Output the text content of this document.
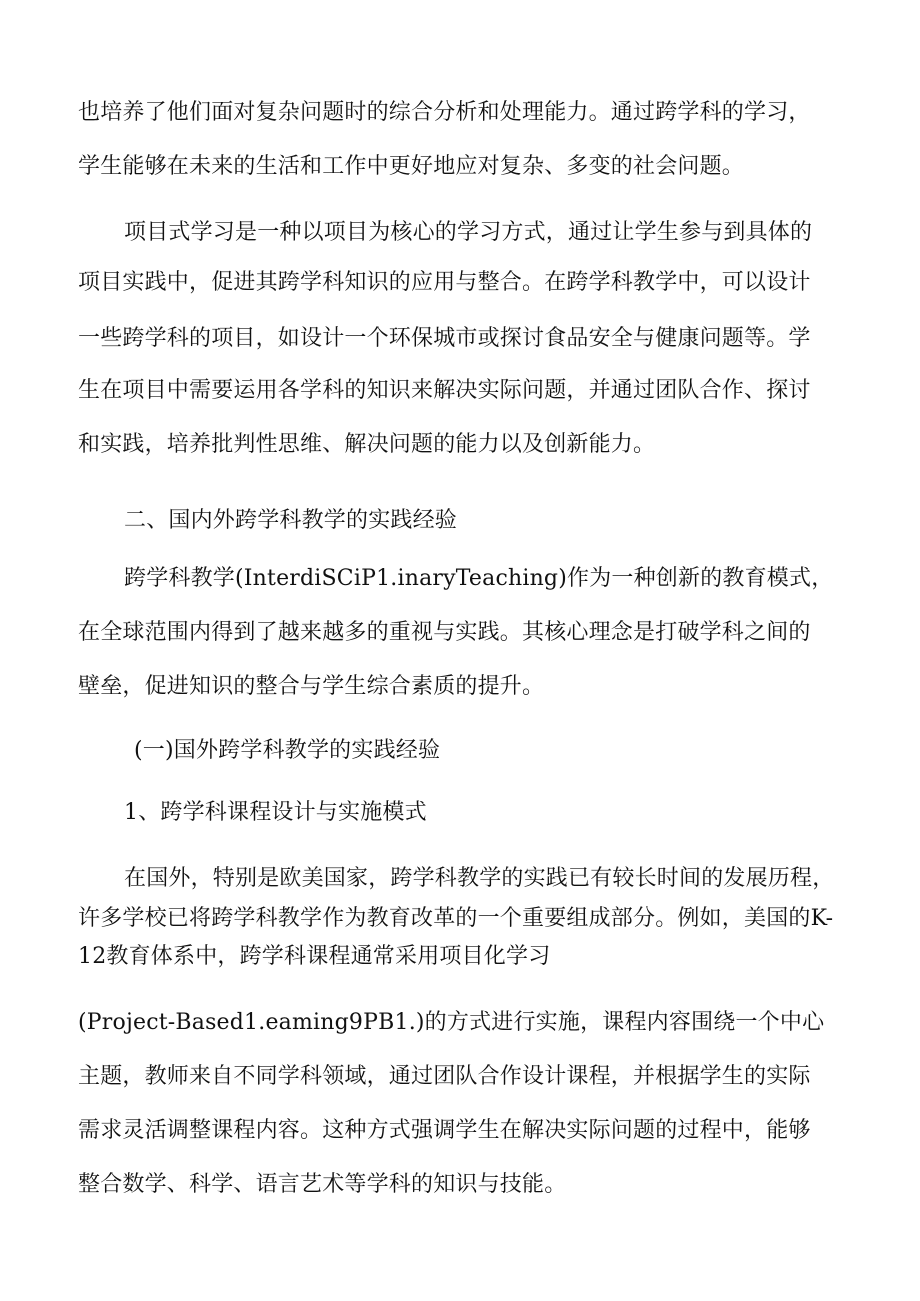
也培养了他们面对复杂问题时的综合分析和处理能力。通过跨学科的学习，
学生能够在未来的生活和工作中更好地应对复杂、多变的社会问题。
项目式学习是一种以项目为核心的学习方式，通过让学生参与到具体的
项目实践中，促进其跨学科知识的应用与整合。在跨学科教学中，可以设计
一些跨学科的项目，如设计一个环保城市或探讨食品安全与健康问题等。学
生在项目中需要运用各学科的知识来解决实际问题，并通过团队合作、探讨
和实践，培养批判性思维、解决问题的能力以及创新能力。
二、国内外跨学科教学的实践经验
跨学科教学(InterdiSCiP1.inaryTeaching)作为一种创新的教育模式，
在全球范围内得到了越来越多的重视与实践。其核心理念是打破学科之间的
壁垒，促进知识的整合与学生综合素质的提升。
(一)国外跨学科教学的实践经验
1、跨学科课程设计与实施模式
在国外，特别是欧美国家，跨学科教学的实践已有较长时间的发展历程，
许多学校已将跨学科教学作为教育改革的一个重要组成部分。例如，美国的K-
12教育体系中，跨学科课程通常采用项目化学习
(Project-Based1.eaming9PB1.)的方式进行实施，课程内容围绕一个中心
主题，教师来自不同学科领域，通过团队合作设计课程，并根据学生的实际
需求灵活调整课程内容。这种方式强调学生在解决实际问题的过程中，能够
整合数学、科学、语言艺术等学科的知识与技能。
